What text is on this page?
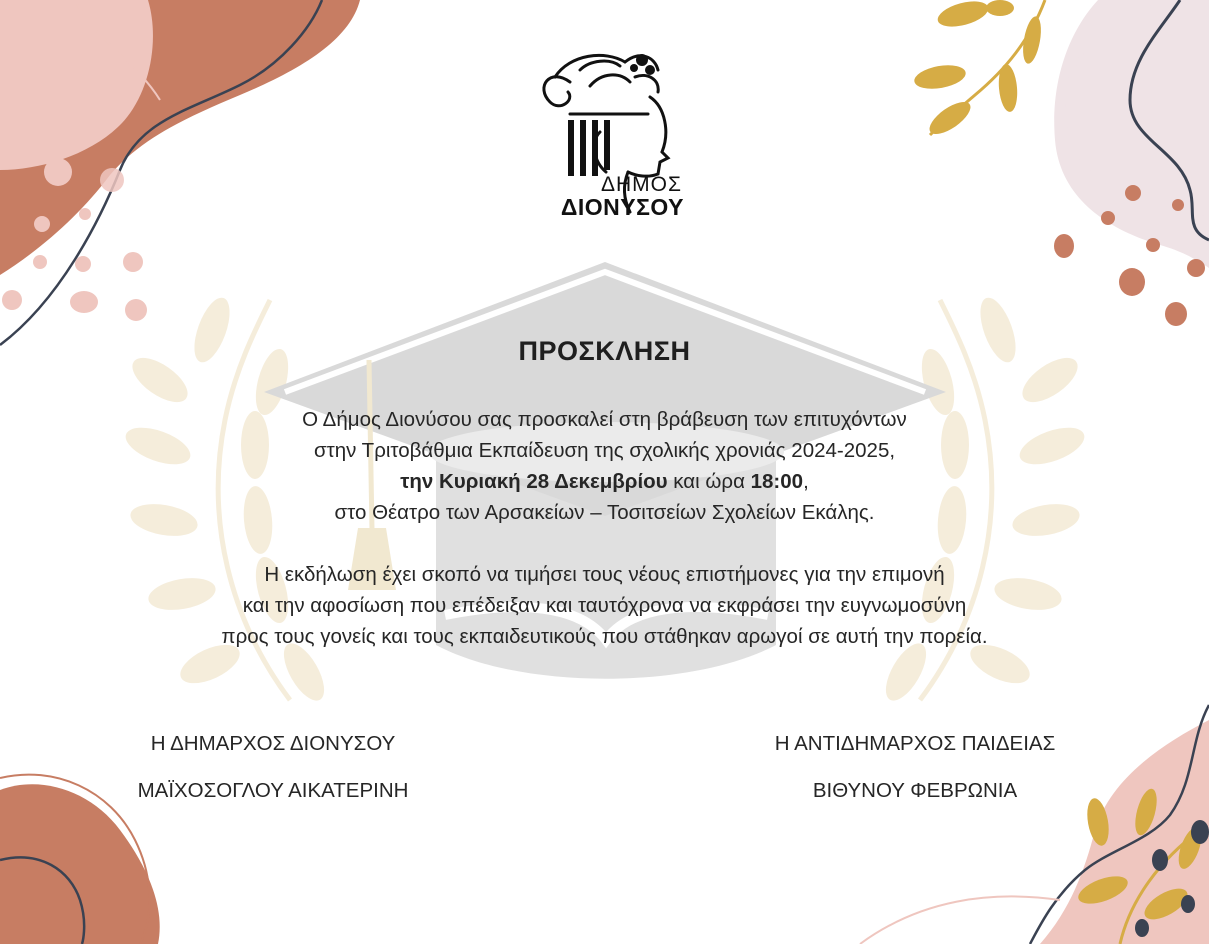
ΔΗΜΟΣ
ΔΙΟΝΥΣΟΥ
ΠΡΟΣΚΛΗΣΗ
Ο Δήμος Διονύσου σας προσκαλεί στη βράβευση των επιτυχόντων
στην Τριτοβάθμια Εκπαίδευση της σχολικής χρονιάς 2024-2025,
την Κυριακή 28 Δεκεμβρίου και ώρα 18:00,
στο Θέατρο των Αρσακείων – Τοσιτσείων Σχολείων Εκάλης.
Η εκδήλωση έχει σκοπό να τιμήσει τους νέους επιστήμονες για την επιμονή
και την αφοσίωση που επέδειξαν και ταυτόχρονα να εκφράσει την ευγνωμοσύνη
προς τους γονείς και τους εκπαιδευτικούς που στάθηκαν αρωγοί σε αυτή την πορεία.
Η ΔΗΜΑΡΧΟΣ ΔΙΟΝΥΣΟΥ
ΜΑΪΧΟΣΟΓΛΟΥ ΑΙΚΑΤΕΡΙΝΗ
Η ΑΝΤΙΔΗΜΑΡΧΟΣ ΠΑΙΔΕΙΑΣ
ΒΙΘΥΝΟΥ ΦΕΒΡΩΝΙΑ
